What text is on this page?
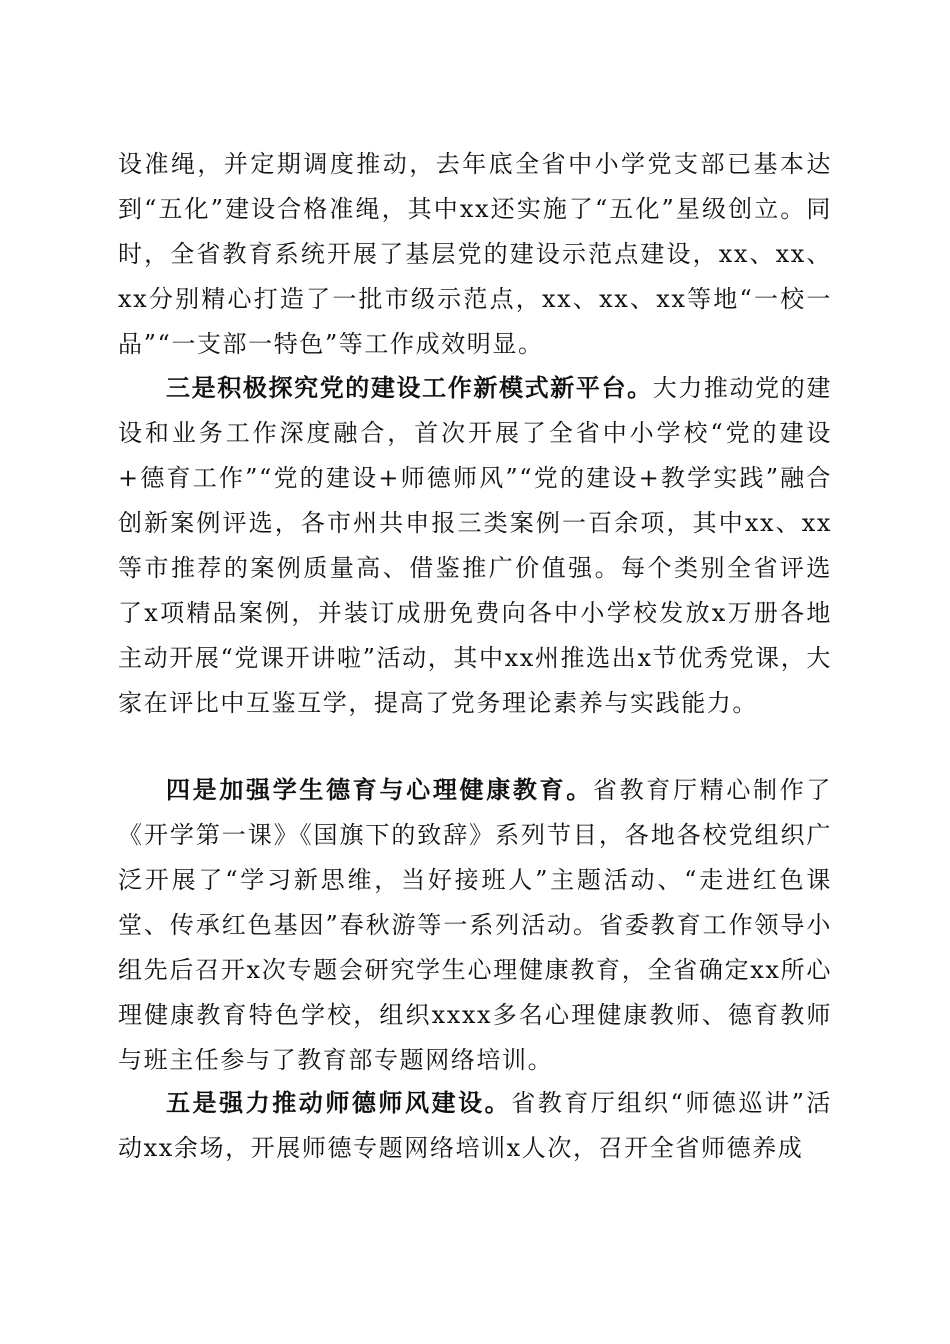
设准绳，并定期调度推动，去年底全省中小学党支部已基本达到“五化”建设合格准绳，其中xx还实施了“五化”星级创立。同时，全省教育系统开展了基层党的建设示范点建设，xx、xx、xx分别精心打造了一批市级示范点，xx、xx、xx等地“一校一品”“一支部一特色”等工作成效明显。

三是积极探究党的建设工作新模式新平台。大力推动党的建设和业务工作深度融合，首次开展了全省中小学校“党的建设+德育工作”“党的建设+师德师风”“党的建设+教学实践”融合创新案例评选，各市州共申报三类案例一百余项，其中xx、xx等市推荐的案例质量高、借鉴推广价值强。每个类别全省评选了x项精品案例，并装订成册免费向各中小学校发放x万册各地主动开展“党课开讲啦”活动，其中xx州推选出x节优秀党课，大家在评比中互鉴互学，提高了党务理论素养与实践能力。

四是加强学生德育与心理健康教育。省教育厅精心制作了《开学第一课》《国旗下的致辞》系列节目，各地各校党组织广泛开展了“学习新思维，当好接班人”主题活动、“走进红色课堂、传承红色基因”春秋游等一系列活动。省委教育工作领导小组先后召开x次专题会研究学生心理健康教育，全省确定xx所心理健康教育特色学校，组织xxxx多名心理健康教师、德育教师与班主任参与了教育部专题网络培训。

五是强力推动师德师风建设。省教育厅组织“师德巡讲”活动xx余场，开展师德专题网络培训x人次，召开全省师德养成
